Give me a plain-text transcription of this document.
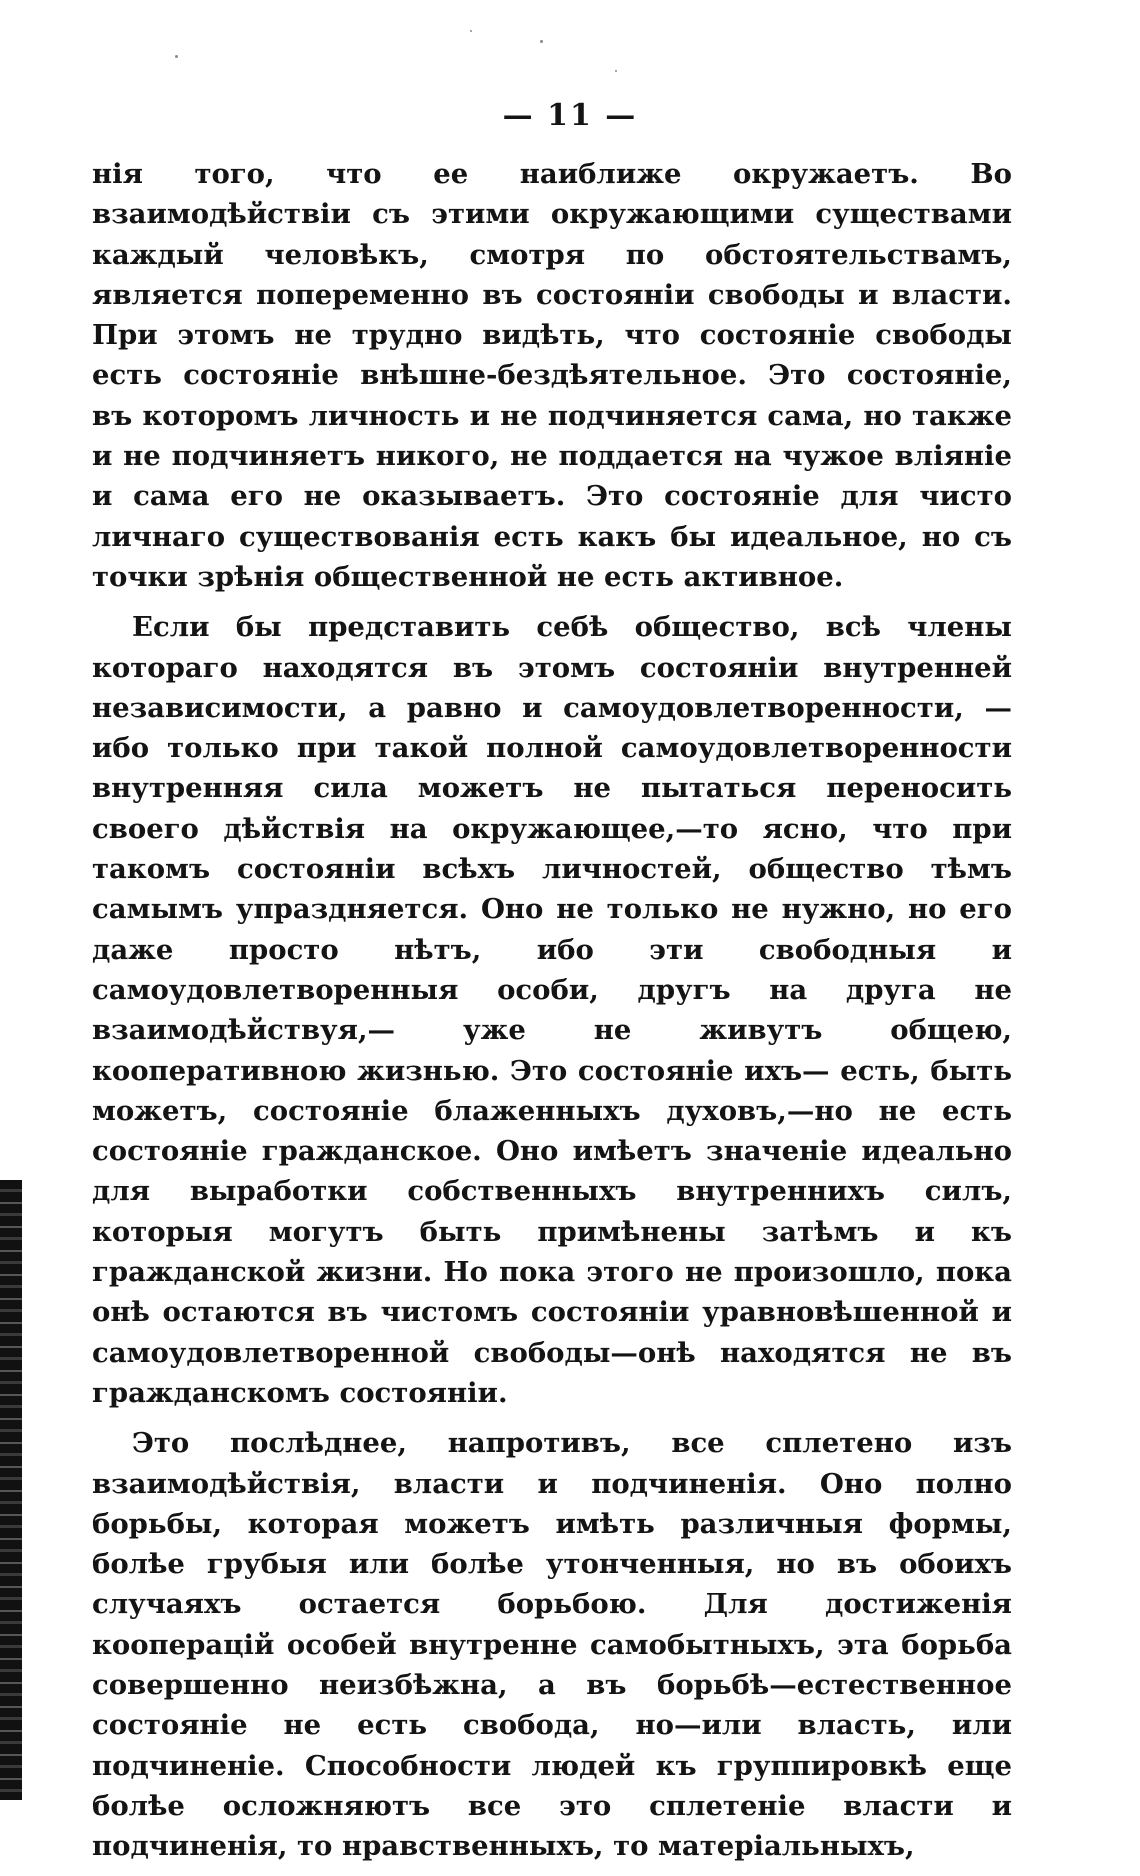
— 11 —

нія того, что ее наиближе окружаетъ. Во взаимодѣйствіи съ этими окружающими существами каждый человѣкъ, смотря по обстоятельствамъ, является попеременно въ состояніи свободы и власти. При этомъ не трудно видѣть, что состояніе свободы есть состояніе внѣшне-бездѣятельное. Это состояніе, въ которомъ личность и не подчиняется сама, но также и не подчиняетъ никого, не поддается на чужое вліяніе и сама его не оказываетъ. Это состояніе для чисто личнаго существованія есть какъ бы идеальное, но съ точки зрѣнія общественной не есть активное.

Если бы представить себѣ общество, всѣ члены котораго находятся въ этомъ состояніи внутренней независимости, а равно и самоудовлетворенности, — ибо только при такой полной самоудовлетворенности внутренняя сила можетъ не пытаться переносить своего дѣйствія на окружающее,—то ясно, что при такомъ состояніи всѣхъ личностей, общество тѣмъ самымъ упраздняется. Оно не только не нужно, но его даже просто нѣтъ, ибо эти свободныя и самоудовлетворенныя особи, другъ на друга не взаимодѣйствуя,— уже не живутъ общею, кооперативною жизнью. Это состояніе ихъ— есть, быть можетъ, состояніе блаженныхъ духовъ,—но не есть состояніе гражданское. Оно имѣетъ значеніе идеально для выработки собственныхъ внутреннихъ силъ, которыя могутъ быть примѣнены затѣмъ и къ гражданской жизни. Но пока этого не произошло, пока онѣ остаются въ чистомъ состояніи уравновѣшенной и самоудовлетворенной свободы—онѣ находятся не въ гражданскомъ состояніи.

Это послѣднее, напротивъ, все сплетено изъ взаимодѣйствія, власти и подчиненія. Оно полно борьбы, которая можетъ имѣть различныя формы, болѣе грубыя или болѣе утонченныя, но въ обоихъ случаяхъ остается борьбою. Для достиженія кооперацій особей внутренне самобытныхъ, эта борьба совершенно неизбѣжна, а въ борьбѣ—естественное состояніе не есть свобода, но—или власть, или подчиненіе. Способности людей къ группировкѣ еще болѣе осложняютъ все это сплетеніе власти и подчиненія, то нравственныхъ, то матеріальныхъ,
